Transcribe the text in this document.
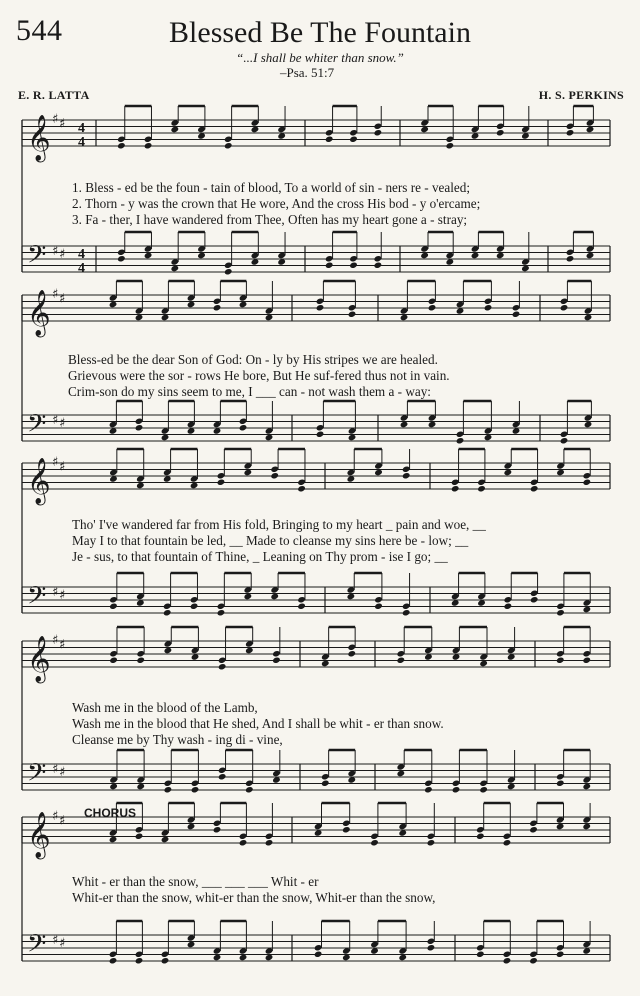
544	Blessed Be The Fountain
“...I shall be whiter than snow.”
–Psa. 51:7
E. R. LATTA	H. S. PERKINS
𝄞 ♯ ♯ 4
4
𝄞 ♯ ♯
𝄞 ♯ ♯
𝄞 ♯ ♯
𝄞 ♯ ♯
𝄢 ♯ ♯ 4
4
𝄢 ♯ ♯
𝄢 ♯ ♯
𝄢 ♯ ♯
𝄢 ♯ ♯
CHORUS
1. Bless - ed be the foun - tain of blood, To a world of sin - ners re - vealed;
2. Thorn - y was the crown that He wore, And the cross His bod - y o'ercame;
3. Fa - ther, I have wandered from Thee, Often has my heart gone a - stray;
Bless-ed be the dear Son of God: On - ly by His stripes we are healed.
Grievous were the sor - rows He bore, But He suf-fered thus not in vain.
Crim-son do my sins seem to me, I ___ can - not wash them a - way:
Tho' I've wandered far from His fold, Bringing to my heart _ pain and woe, __
May I to that fountain be led, __ Made to cleanse my sins here be - low; __
Je - sus, to that fountain of Thine, _ Leaning on Thy prom - ise I go; __
Wash me in the blood of the Lamb,
Wash me in the blood that He shed, And I shall be whit - er than snow.
Cleanse me by Thy wash - ing di - vine,
Whit - er than the snow, ___ ___ ___ Whit - er
Whit-er than the snow, whit-er than the snow, Whit-er than the snow,
